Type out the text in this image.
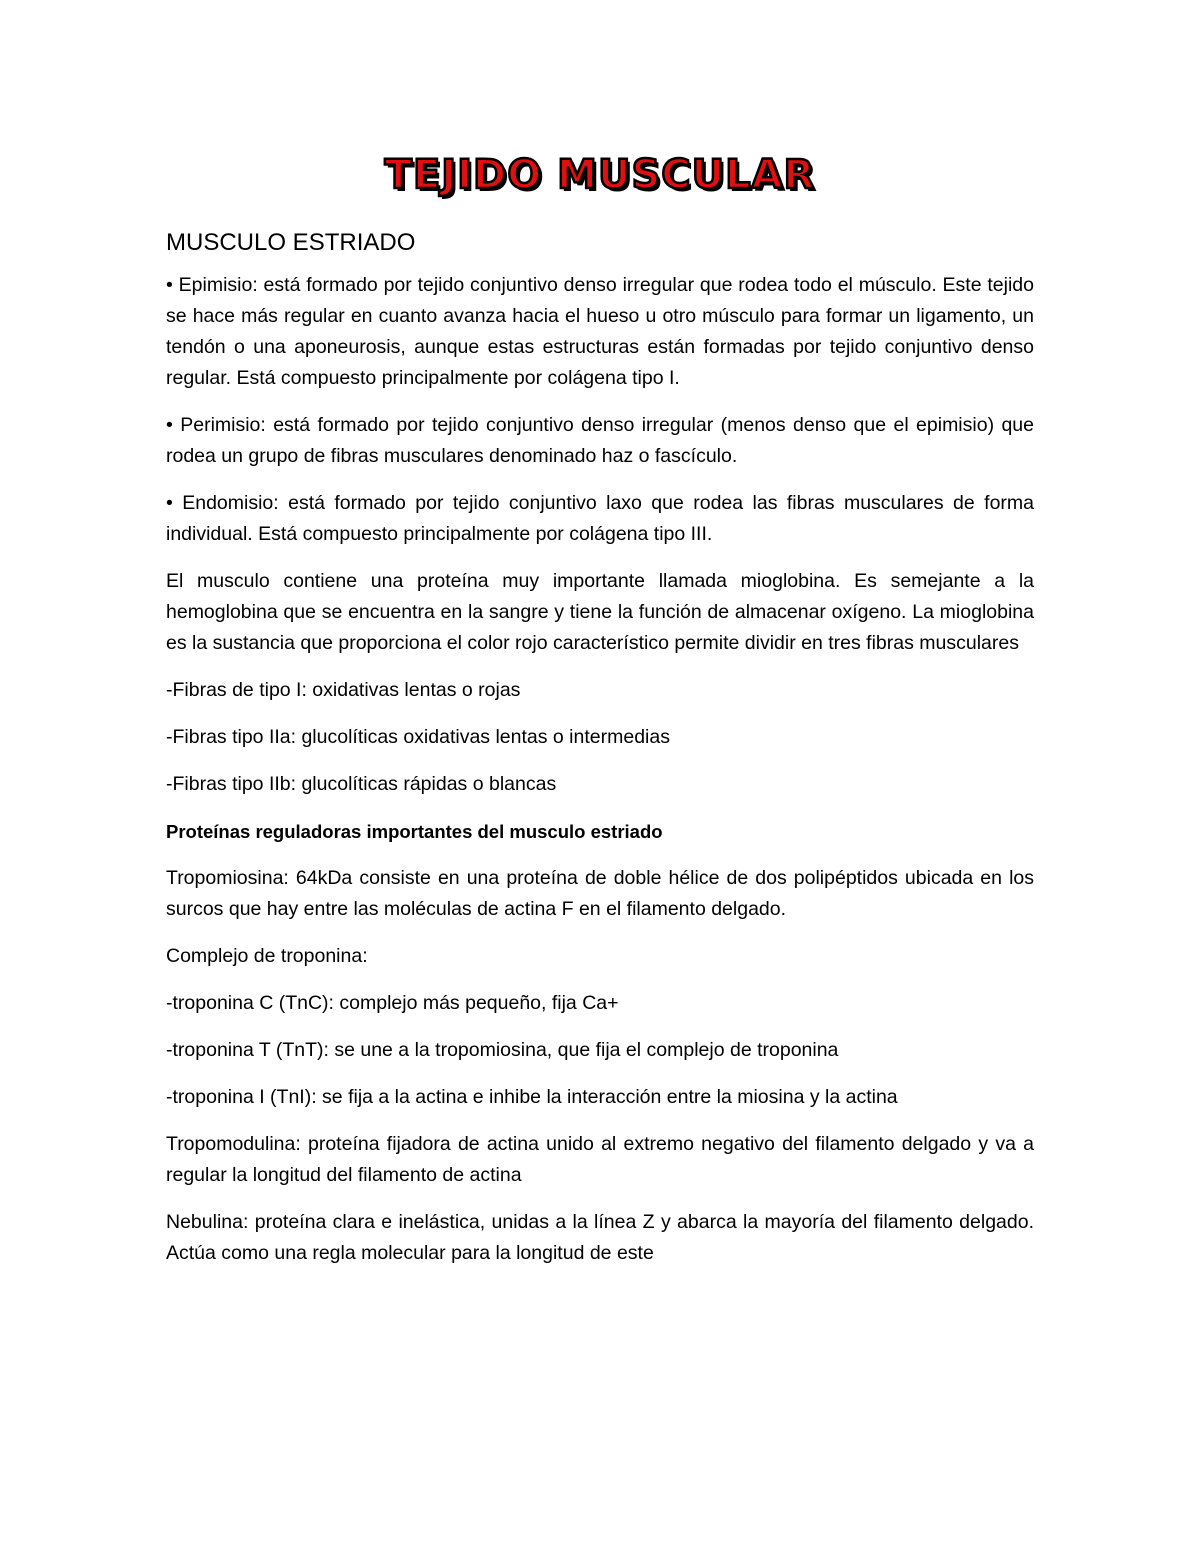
TEJIDO MUSCULAR
MUSCULO ESTRIADO

• Epimisio: está formado por tejido conjuntivo denso irregular que rodea todo el músculo. Este tejido se hace más regular en cuanto avanza hacia el hueso u otro músculo para formar un ligamento, un tendón o una aponeurosis, aunque estas estructuras están formadas por tejido conjuntivo denso regular. Está compuesto principalmente por colágena tipo I.

• Perimisio: está formado por tejido conjuntivo denso irregular (menos denso que el epimisio) que rodea un grupo de fibras musculares denominado haz o fascículo.

• Endomisio: está formado por tejido conjuntivo laxo que rodea las fibras musculares de forma individual. Está compuesto principalmente por colágena tipo III.

El musculo contiene una proteína muy importante llamada mioglobina. Es semejante a la hemoglobina que se encuentra en la sangre y tiene la función de almacenar oxígeno. La mioglobina es la sustancia que proporciona el color rojo característico permite dividir en tres fibras musculares

-Fibras de tipo I: oxidativas lentas o rojas

-Fibras tipo IIa: glucolíticas oxidativas lentas o intermedias

-Fibras tipo IIb: glucolíticas rápidas o blancas

Proteínas reguladoras importantes del musculo estriado

Tropomiosina: 64kDa consiste en una proteína de doble hélice de dos polipéptidos ubicada en los surcos que hay entre las moléculas de actina F en el filamento delgado.

Complejo de troponina:

-troponina C (TnC): complejo más pequeño, fija Ca+

-troponina T (TnT): se une a la tropomiosina, que fija el complejo de troponina

-troponina I (TnI): se fija a la actina e inhibe la interacción entre la miosina y la actina

Tropomodulina: proteína fijadora de actina unido al extremo negativo del filamento delgado y va a regular la longitud del filamento de actina

Nebulina: proteína clara e inelástica, unidas a la línea Z y abarca la mayoría del filamento delgado. Actúa como una regla molecular para la longitud de este
